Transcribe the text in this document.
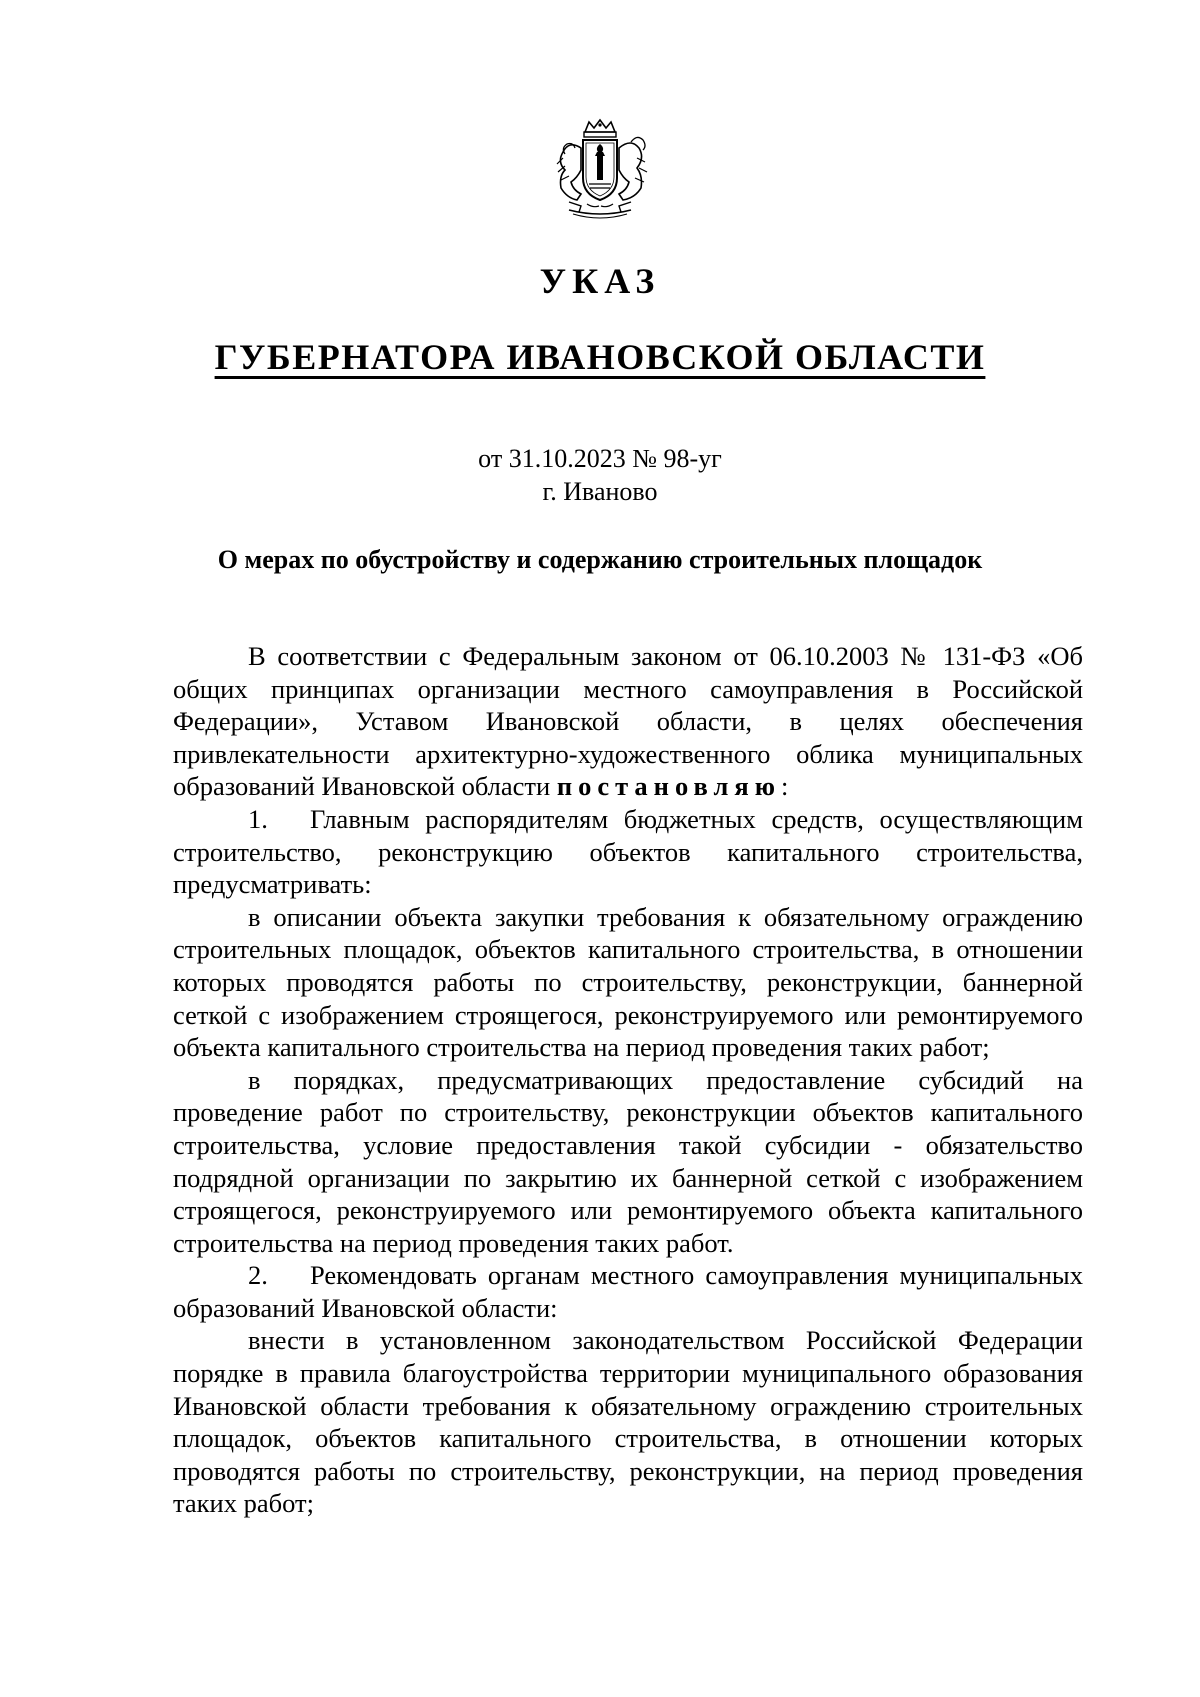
УКАЗ
ГУБЕРНАТОРА ИВАНОВСКОЙ ОБЛАСТИ
от 31.10.2023 № 98-уг
г. Иваново
О мерах по обустройству и содержанию строительных площадок

В соответствии с Федеральным законом от 06.10.2003 № 131-ФЗ «Об общих принципах организации местного самоуправления в Российской Федерации», Уставом Ивановской области, в целях обеспечения привлекательности архитектурно-художественного облика муниципальных образований Ивановской области постановляю:

1. Главным распорядителям бюджетных средств, осуществляющим строительство, реконструкцию объектов капитального строительства, предусматривать:

в описании объекта закупки требования к обязательному ограждению строительных площадок, объектов капитального строительства, в отношении которых проводятся работы по строительству, реконструкции, баннерной сеткой с изображением строящегося, реконструируемого или ремонтируемого объекта капитального строительства на период проведения таких работ;

в порядках, предусматривающих предоставление субсидий на проведение работ по строительству, реконструкции объектов капитального строительства, условие предоставления такой субсидии - обязательство подрядной организации по закрытию их баннерной сеткой с изображением строящегося, реконструируемого или ремонтируемого объекта капитального строительства на период проведения таких работ.

2. Рекомендовать органам местного самоуправления муниципальных образований Ивановской области:

внести в установленном законодательством Российской Федерации порядке в правила благоустройства территории муниципального образования Ивановской области требования к обязательному ограждению строительных площадок, объектов капитального строительства, в отношении которых проводятся работы по строительству, реконструкции, на период проведения таких работ;
